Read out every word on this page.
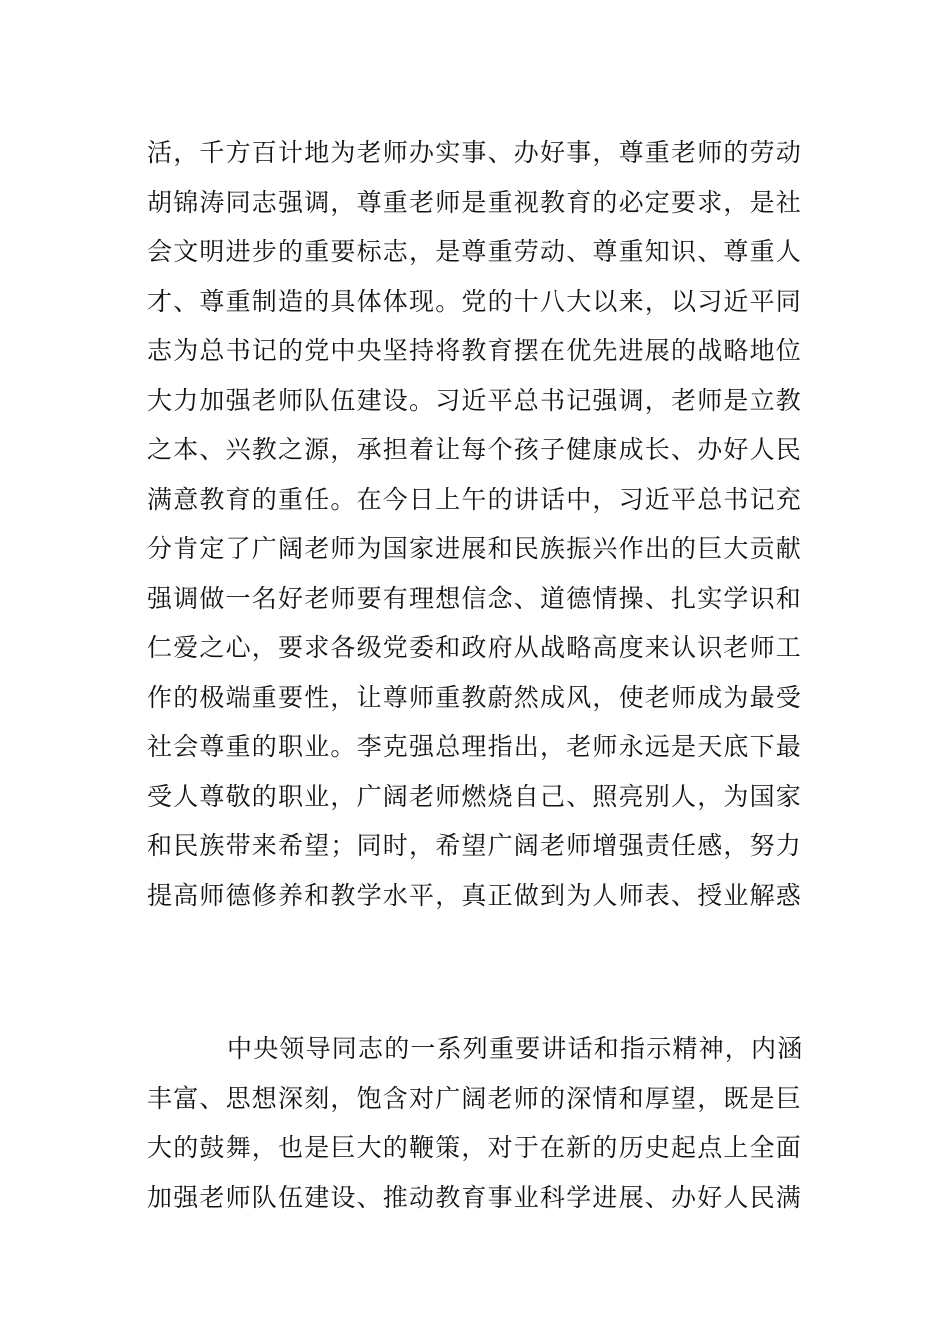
活，千方百计地为老师办实事、办好事，尊重老师的劳动
胡锦涛同志强调，尊重老师是重视教育的必定要求，是社
会文明进步的重要标志，是尊重劳动、尊重知识、尊重人
才、尊重制造的具体体现。党的十八大以来，以习近平同
志为总书记的党中央坚持将教育摆在优先进展的战略地位
大力加强老师队伍建设。习近平总书记强调，老师是立教
之本、兴教之源，承担着让每个孩子健康成长、办好人民
满意教育的重任。在今日上午的讲话中，习近平总书记充
分肯定了广阔老师为国家进展和民族振兴作出的巨大贡献
强调做一名好老师要有理想信念、道德情操、扎实学识和
仁爱之心，要求各级党委和政府从战略高度来认识老师工
作的极端重要性，让尊师重教蔚然成风，使老师成为最受
社会尊重的职业。李克强总理指出，老师永远是天底下最
受人尊敬的职业，广阔老师燃烧自己、照亮别人，为国家
和民族带来希望；同时，希望广阔老师增强责任感，努力
提高师德修养和教学水平，真正做到为人师表、授业解惑
中央领导同志的一系列重要讲话和指示精神，内涵
丰富、思想深刻，饱含对广阔老师的深情和厚望，既是巨
大的鼓舞，也是巨大的鞭策，对于在新的历史起点上全面
加强老师队伍建设、推动教育事业科学进展、办好人民满
